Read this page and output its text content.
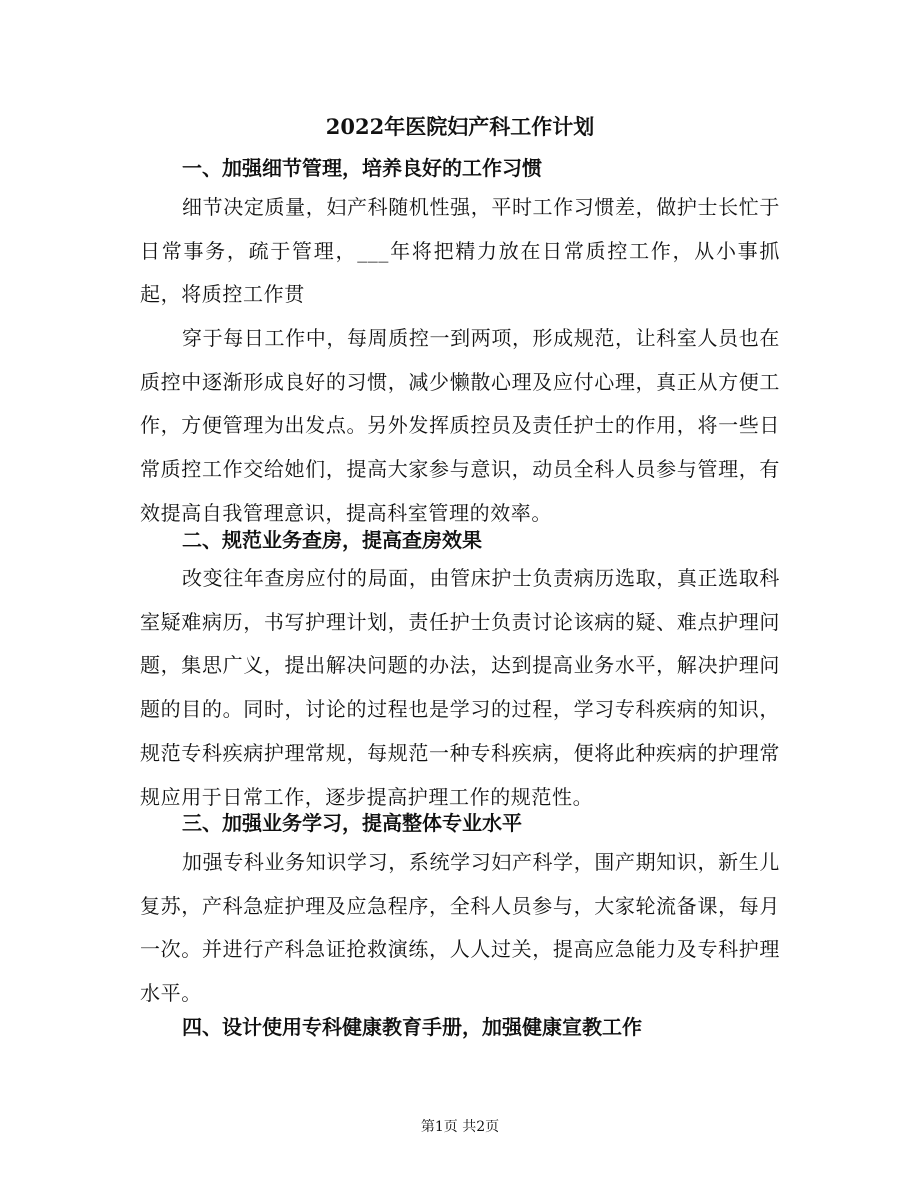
2022年医院妇产科工作计划
一、加强细节管理，培养良好的工作习惯

细节决定质量，妇产科随机性强，平时工作习惯差，做护士长忙于日常事务，疏于管理，___年将把精力放在日常质控工作，从小事抓起，将质控工作贯

穿于每日工作中，每周质控一到两项，形成规范，让科室人员也在质控中逐渐形成良好的习惯，减少懒散心理及应付心理，真正从方便工作，方便管理为出发点。另外发挥质控员及责任护士的作用，将一些日常质控工作交给她们，提高大家参与意识，动员全科人员参与管理，有效提高自我管理意识，提高科室管理的效率。

二、规范业务查房，提高查房效果

改变往年查房应付的局面，由管床护士负责病历选取，真正选取科室疑难病历，书写护理计划，责任护士负责讨论该病的疑、难点护理问题，集思广义，提出解决问题的办法，达到提高业务水平，解决护理问题的目的。同时，讨论的过程也是学习的过程，学习专科疾病的知识，规范专科疾病护理常规，每规范一种专科疾病，便将此种疾病的护理常规应用于日常工作，逐步提高护理工作的规范性。

三、加强业务学习，提高整体专业水平

加强专科业务知识学习，系统学习妇产科学，围产期知识，新生儿复苏，产科急症护理及应急程序，全科人员参与，大家轮流备课，每月一次。并进行产科急证抢救演练，人人过关，提高应急能力及专科护理水平。

四、设计使用专科健康教育手册，加强健康宣教工作
第1页 共2页
